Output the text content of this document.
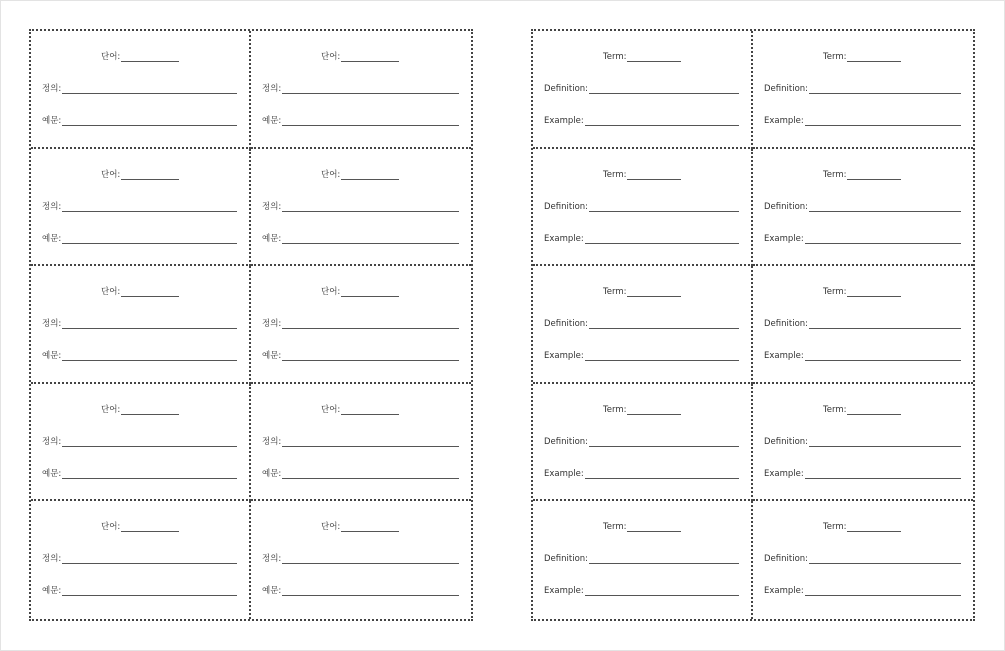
단어:
정의:
예문:
단어:
정의:
예문:
단어:
정의:
예문:
단어:
정의:
예문:
단어:
정의:
예문:
단어:
정의:
예문:
단어:
정의:
예문:
단어:
정의:
예문:
단어:
정의:
예문:
단어:
정의:
예문:
Term:
Definition:
Example:
Term:
Definition:
Example:
Term:
Definition:
Example:
Term:
Definition:
Example:
Term:
Definition:
Example:
Term:
Definition:
Example:
Term:
Definition:
Example:
Term:
Definition:
Example:
Term:
Definition:
Example:
Term:
Definition:
Example:
